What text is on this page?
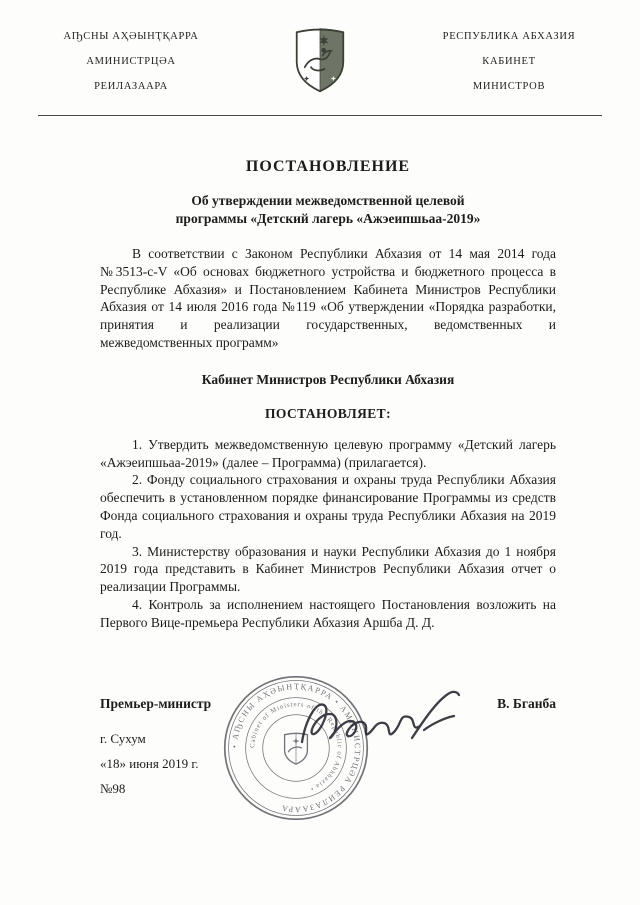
АҦСНЫ АҲӘЫНҬҚАРРА
АМИНИСТРЦӘА
РЕИЛАЗААРА
РЕСПУБЛИКА АБХАЗИЯ
КАБИНЕТ
МИНИСТРОВ
ПОСТАНОВЛЕНИЕ
Об утверждении межведомственной целевой
программы «Детский лагерь «Ажэеипшьаа-2019»

В соответствии с Законом Республики Абхазия от 14 мая 2014 года №3513-с-V «Об основах бюджетного устройства и бюджетного процесса в Республике Абхазия» и Постановлением Кабинета Министров Республики Абхазия от 14 июля 2016 года №119 «Об утверждении «Порядка разработки, принятия и реализации государственных, ведомственных и межведомственных программ»

Кабинет Министров Республики Абхазия

ПОСТАНОВЛЯЕТ:

1. Утвердить межведомственную целевую программу «Детский лагерь «Ажэеипшьаа-2019» (далее – Программа) (прилагается).

2. Фонду социального страхования и охраны труда Республики Абхазия обеспечить в установленном порядке финансирование Программы из средств Фонда социального страхования и охраны труда Республики Абхазия на 2019 год.

3. Министерству образования и науки Республики Абхазия до 1 ноября 2019 года представить в Кабинет Министров Республики Абхазия отчет о реализации Программы.

4. Контроль за исполнением настоящего Постановления возложить на Первого Вице-премьера Республики Абхазия Аршба Д. Д.

Премьер-министр	В. Бганба
г. Сухум
«18» июня 2019 г.
№98
• АҦСНЫ АҲӘЫНҬҚАРРА • АМИНИСТРЦӘА РЕИЛАЗААРА
Cabinet of Ministers of the Republic of Abkhazia •
